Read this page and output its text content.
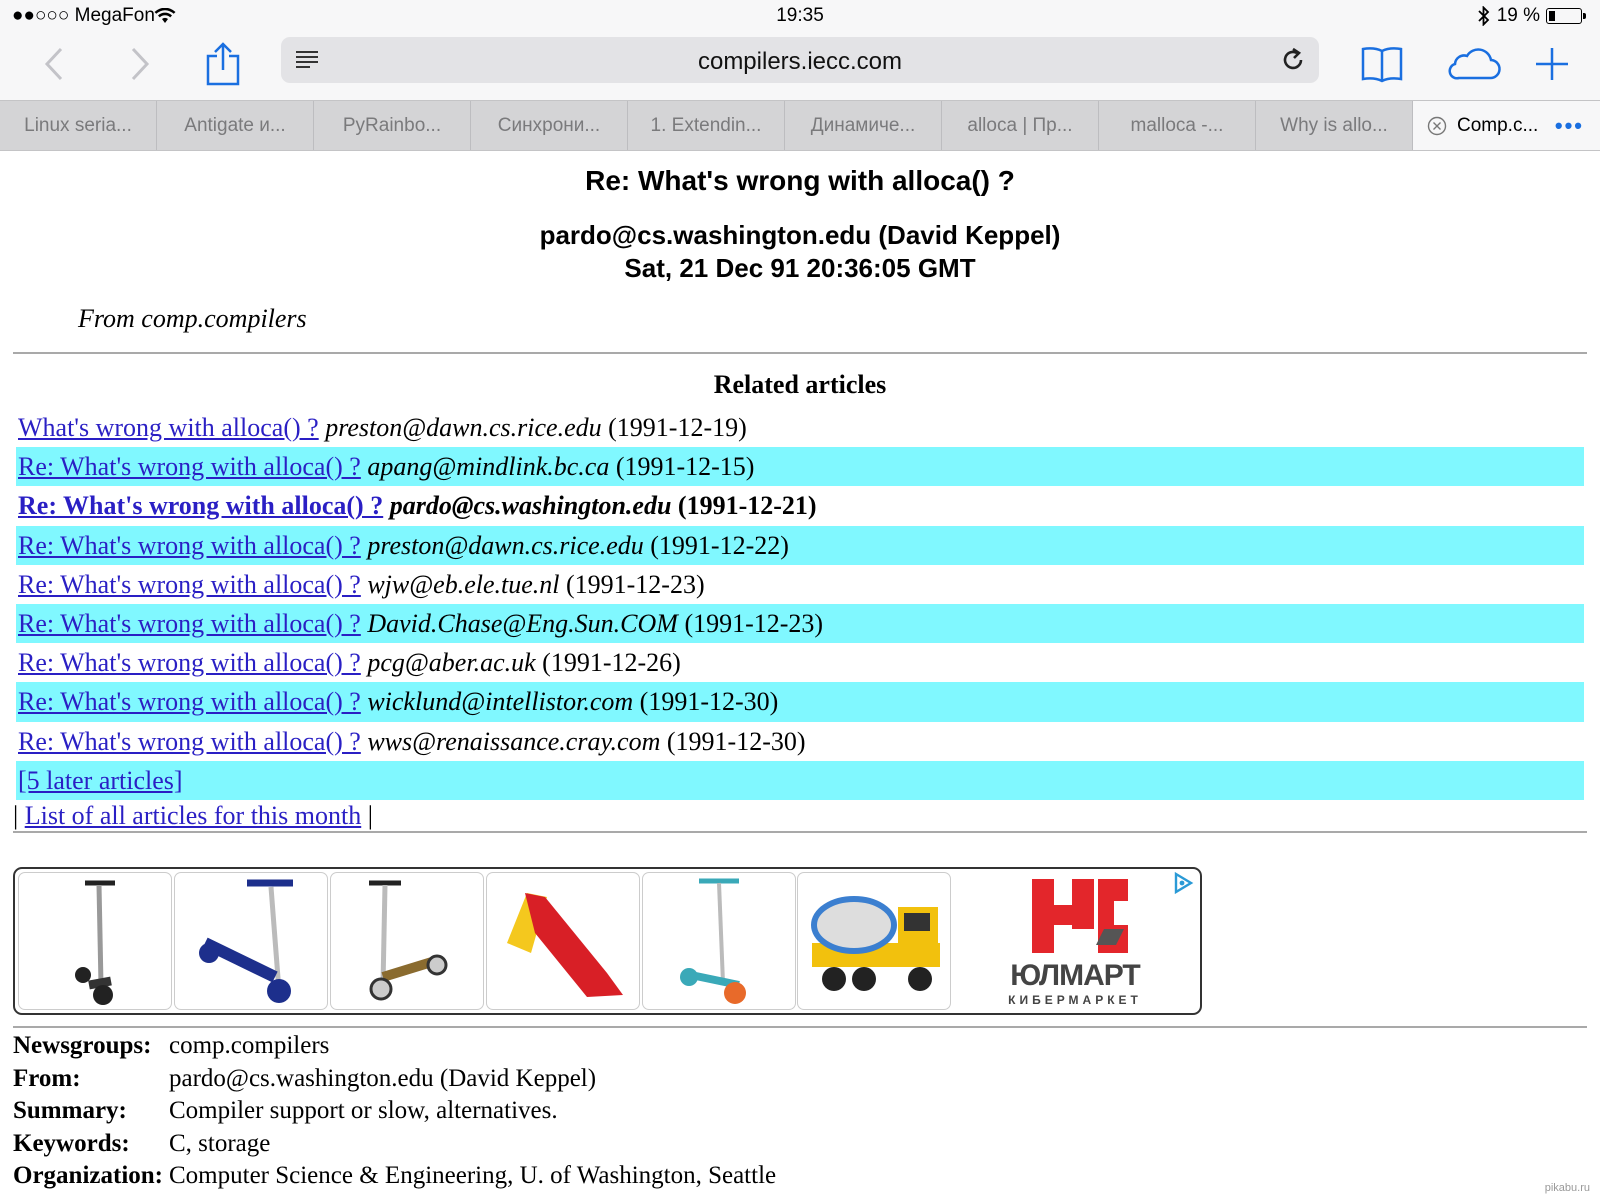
●●○○○ MegaFon	19:35	19 %
compilers.iecc.com
Linux seria...	Antigate и...	PyRainbo...	Синхрони...	1. Extendin...	Динамиче...	alloca | Пр...	malloca -...	Why is allo...	Comp.c... •••
Re: What's wrong with alloca() ?
pardo@cs.washington.edu (David Keppel)
Sat, 21 Dec 91 20:36:05 GMT
From comp.compilers
Related articles
What's wrong with alloca() ? preston@dawn.cs.rice.edu (1991-12-19)
Re: What's wrong with alloca() ? apang@mindlink.bc.ca (1991-12-15)
Re: What's wrong with alloca() ? pardo@cs.washington.edu (1991-12-21)
Re: What's wrong with alloca() ? preston@dawn.cs.rice.edu (1991-12-22)
Re: What's wrong with alloca() ? wjw@eb.ele.tue.nl (1991-12-23)
Re: What's wrong with alloca() ? David.Chase@Eng.Sun.COM (1991-12-23)
Re: What's wrong with alloca() ? pcg@aber.ac.uk (1991-12-26)
Re: What's wrong with alloca() ? wicklund@intellistor.com (1991-12-30)
Re: What's wrong with alloca() ? wws@renaissance.cray.com (1991-12-30)
[5 later articles]
| List of all articles for this month |
ЮЛМАРТ
КИБЕРМАРКЕТ
Newsgroups: comp.compilers
From:	pardo@cs.washington.edu (David Keppel)
Summary: Compiler support or slow, alternatives.
Keywords: C, storage
Organization: Computer Science & Engineering, U. of Washington, Seattle	pikabu.ru
